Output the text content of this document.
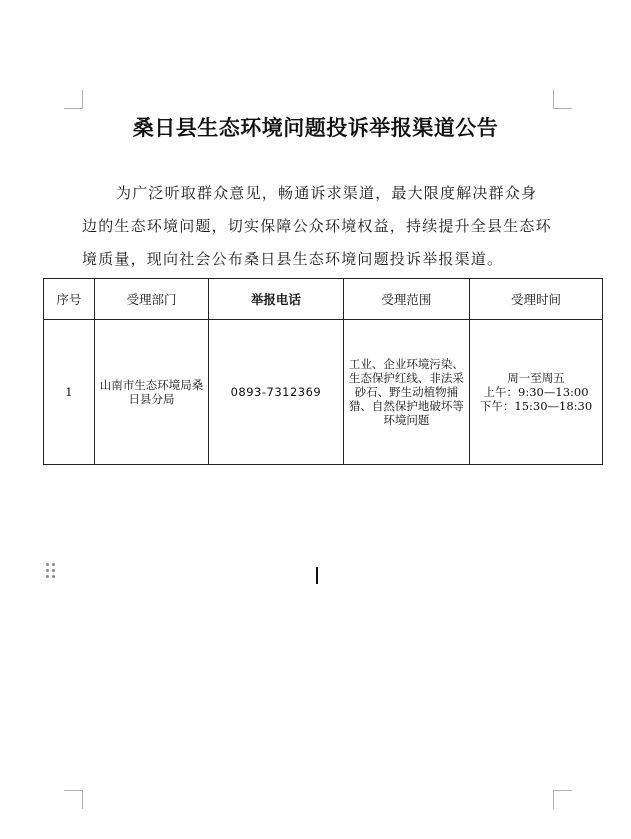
桑日县生态环境问题投诉举报渠道公告
为广泛听取群众意见，畅通诉求渠道，最大限度解决群众身边的生态环境问题，切实保障公众环境权益，持续提升全县生态环境质量，现向社会公布桑日县生态环境问题投诉举报渠道。
序号	受理部门	举报电话	受理范围	受理时间
1	山南市生态环境局桑日县分局	0893-7312369	工业、企业环境污染、生态保护红线、非法采砂石、野生动植物捕猎、自然保护地破坏等环境问题	周一至周五
上午：9:30—13:00
下午：15:30—18:30
